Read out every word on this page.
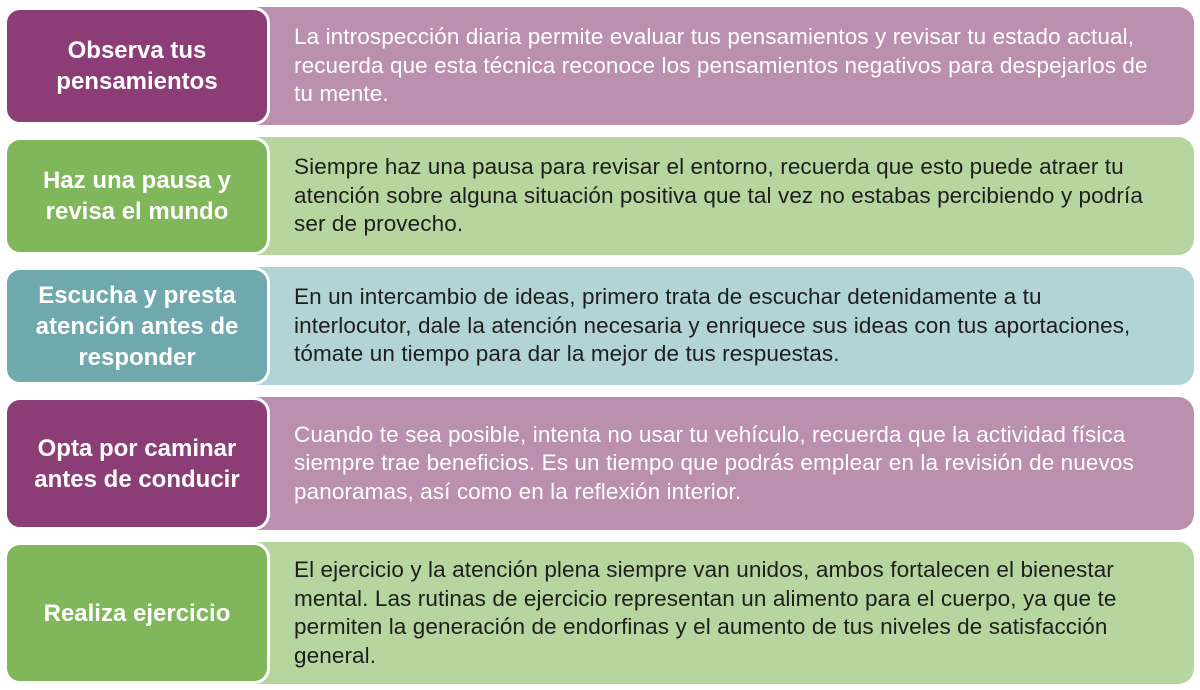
La introspección diaria permite evaluar tus pensamientos y revisar tu estado actual, recuerda que esta técnica reconoce los pensamientos negativos para despejarlos de tu mente.
Observa tus pensamientos
Siempre haz una pausa para revisar el entorno, recuerda que esto puede atraer tu atención sobre alguna situación positiva que tal vez no estabas percibiendo y podría ser de provecho.
Haz una pausa y revisa el mundo
En un intercambio de ideas, primero trata de escuchar detenidamente a tu interlocutor, dale la atención necesaria y enriquece sus ideas con tus aportaciones, tómate un tiempo para dar la mejor de tus respuestas.
Escucha y presta atención antes de responder
Cuando te sea posible, intenta no usar tu vehículo, recuerda que la actividad física siempre trae beneficios. Es un tiempo que podrás emplear en la revisión de nuevos panoramas, así como en la reflexión interior.
Opta por caminar antes de conducir
El ejercicio y la atención plena siempre van unidos, ambos fortalecen el bienestar mental. Las rutinas de ejercicio representan un alimento para el cuerpo, ya que te permiten la generación de endorfinas y el aumento de tus niveles de satisfacción general.
Realiza ejercicio
